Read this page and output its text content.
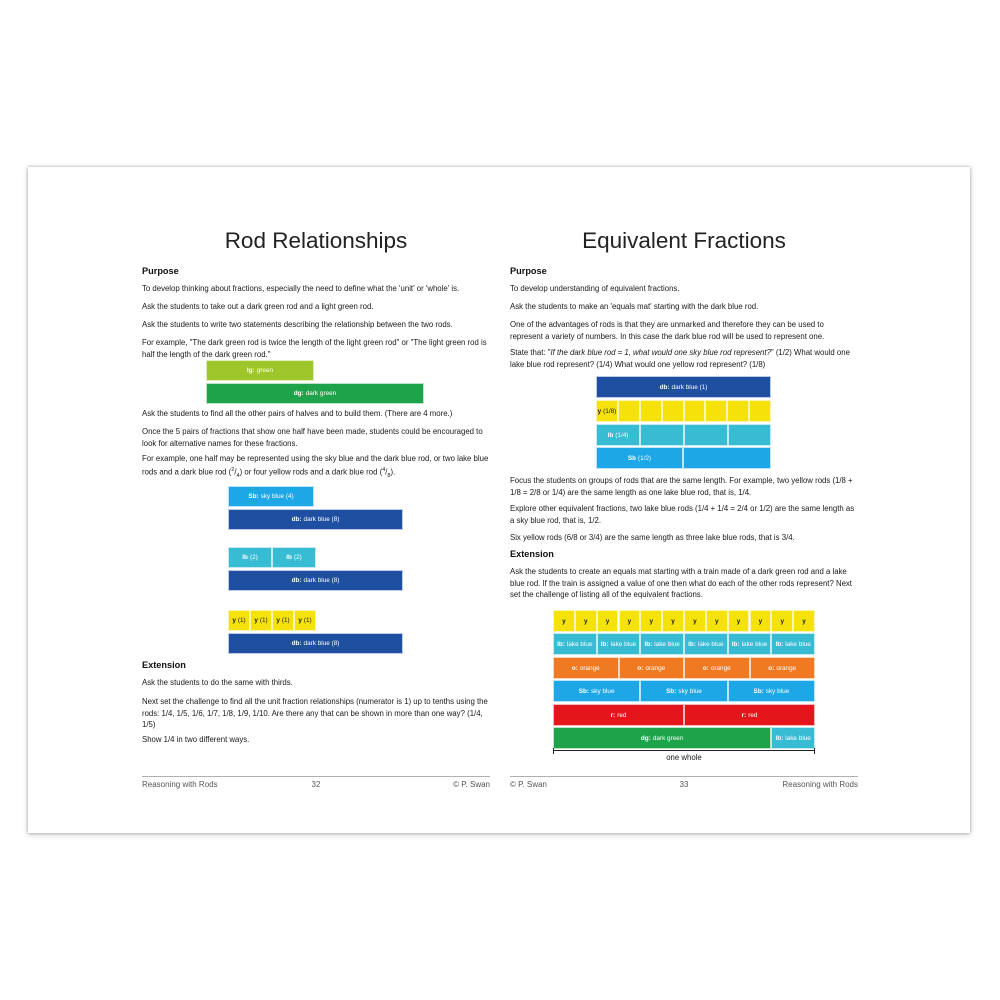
Rod Relationships
Purpose

To develop thinking about fractions, especially the need to define what the 'unit' or 'whole' is.

Ask the students to take out a dark green rod and a light green rod.

Ask the students to write two statements describing the relationship between the two rods.

For example, "The dark green rod is twice the length of the light green rod" or "The light green rod is half the length of the dark green rod."

lg: green
dg: dark green

Ask the students to find all the other pairs of halves and to build them. (There are 4 more.)

Once the 5 pairs of fractions that show one half have been made, students could be encouraged to look for alternative names for these fractions.

For example, one half may be represented using the sky blue and the dark blue rod, or two lake blue rods and a dark blue rod $(^2/_4)$ or four yellow rods and a dark blue rod $(^4/_8)$.

Sb: sky blue (4)
db: dark blue (8)
lb (2)	lb (2)
db: dark blue (8)
y (1) y (1) y (1) y (1)
db: dark blue (8)
Extension

Ask the students to do the same with thirds.

Next set the challenge to find all the unit fraction relationships (numerator is 1) up to tenths using the rods: 1/4, 1/5, 1/6, 1/7, 1/8, 1/9, 1/10. Are there any that can be shown in more than one way? (1/4, 1/5)

Show 1/4 in two different ways.

Reasoning with Rods	32	© P. Swan
Equivalent Fractions
Purpose

To develop understanding of equivalent fractions.

Ask the students to make an 'equals mat' starting with the dark blue rod.

One of the advantages of rods is that they are unmarked and therefore they can be used to represent a variety of numbers. In this case the dark blue rod will be used to represent one.

State that: "If the dark blue rod = 1, what would one sky blue rod represent?" (1/2) What would one lake blue rod represent? (1/4) What would one yellow rod represent? (1/8)

db: dark blue (1)
y (1/8)
lb (1/4)
Sb (1/2)

Focus the students on groups of rods that are the same length. For example, two yellow rods (1/8 + 1/8 = 2/8 or 1/4) are the same length as one lake blue rod, that is, 1/4.

Explore other equivalent fractions, two lake blue rods (1/4 + 1/4 = 2/4 or 1/2) are the same length as a sky blue rod, that is, 1/2.

Six yellow rods (6/8 or 3/4) are the same length as three lake blue rods, that is 3/4.

Extension

Ask the students to create an equals mat starting with a train made of a dark green rod and a lake blue rod. If the train is assigned a value of one then what do each of the other rods represent? Next set the challenge of listing all of the equivalent fractions.

y	y	y	y	y	y	y	y	y	y	y	y
lb: lake blue lb: lake blue lb: lake blue lb: lake blue lb: lake blue lb: lake blue
o: orange	o: orange	o: orange	o: orange
Sb: sky blue	Sb: sky blue	Sb: sky blue
r: red	r: red
dg: dark green	lb: lake blue
one whole
© P. Swan	33	Reasoning with Rods
